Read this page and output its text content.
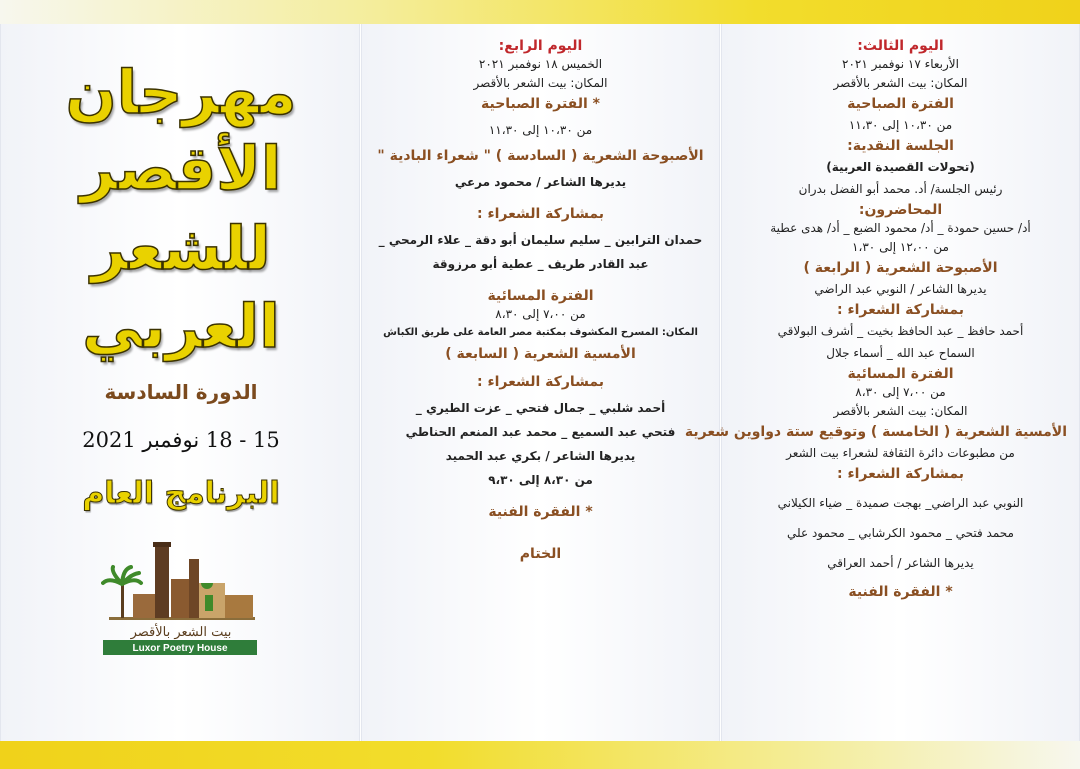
مهرجان
الأقصر
للشعر
العربي
الدورة السادسة
15 - 18 نوفمبر 2021
البرنامج العام
بيت الشعر بالأقصر
Luxor Poetry House

اليوم الرابع:

الخميس ١٨ نوفمبر ٢٠٢١

المكان: بيت الشعر بالأقصر

* الفترة الصباحية

من ١٠،٣٠ إلى ١١،٣٠

الأصبوحة الشعرية ( السادسة ) " شعراء البادية "

يديرها الشاعر / محمود مرعي

بمشاركة الشعراء :

حمدان الترابين _ سليم سليمان أبو دقة _ علاء الرمحي _

عبد القادر طريف _ عطية أبو مرزوقة

الفترة المسائية

من ٧،٠٠ إلى ٨،٣٠

المكان: المسرح المكشوف بمكتبة مصر العامة على طريق الكباش

الأمسية الشعرية ( السابعة )

بمشاركة الشعراء :

أحمد شلبي _ جمال فتحي _ عزت الطيري _

فتحي عبد السميع _ محمد عبد المنعم الحناطي

يديرها الشاعر / بكري عبد الحميد

من ٨،٣٠ إلى ٩،٣٠

* الفقرة الفنية

الختام

اليوم الثالث:

الأربعاء ١٧ نوفمبر ٢٠٢١

المكان: بيت الشعر بالأقصر

الفترة الصباحية

من ١٠،٣٠ إلى ١١،٣٠

الجلسة النقدية:

(تحولات القصيدة العربية)

رئيس الجلسة/ أد. محمد أبو الفضل بدران

المحاضرون:

أد/ حسين حمودة _ أد/ محمود الضبع _ أد/ هدى عطية

من ١٢،٠٠ إلى ١،٣٠

الأصبوحة الشعرية ( الرابعة )

يديرها الشاعر / النوبي عبد الراضي

بمشاركة الشعراء :

أحمد حافظ _ عبد الحافظ بخيت _ أشرف البولاقي

السماح عبد الله _ أسماء جلال

الفترة المسائية

من ٧،٠٠ إلى ٨،٣٠

المكان: بيت الشعر بالأقصر

الأمسية الشعرية ( الخامسة ) وتوقيع ستة دواوين شعرية

من مطبوعات دائرة الثقافة لشعراء بيت الشعر

بمشاركة الشعراء :

النوبي عبد الراضي_ بهجت صميدة _ ضياء الكيلاني

محمد فتحي _ محمود الكرشابي _ محمود علي

يديرها الشاعر / أحمد العراقي

* الفقرة الفنية
